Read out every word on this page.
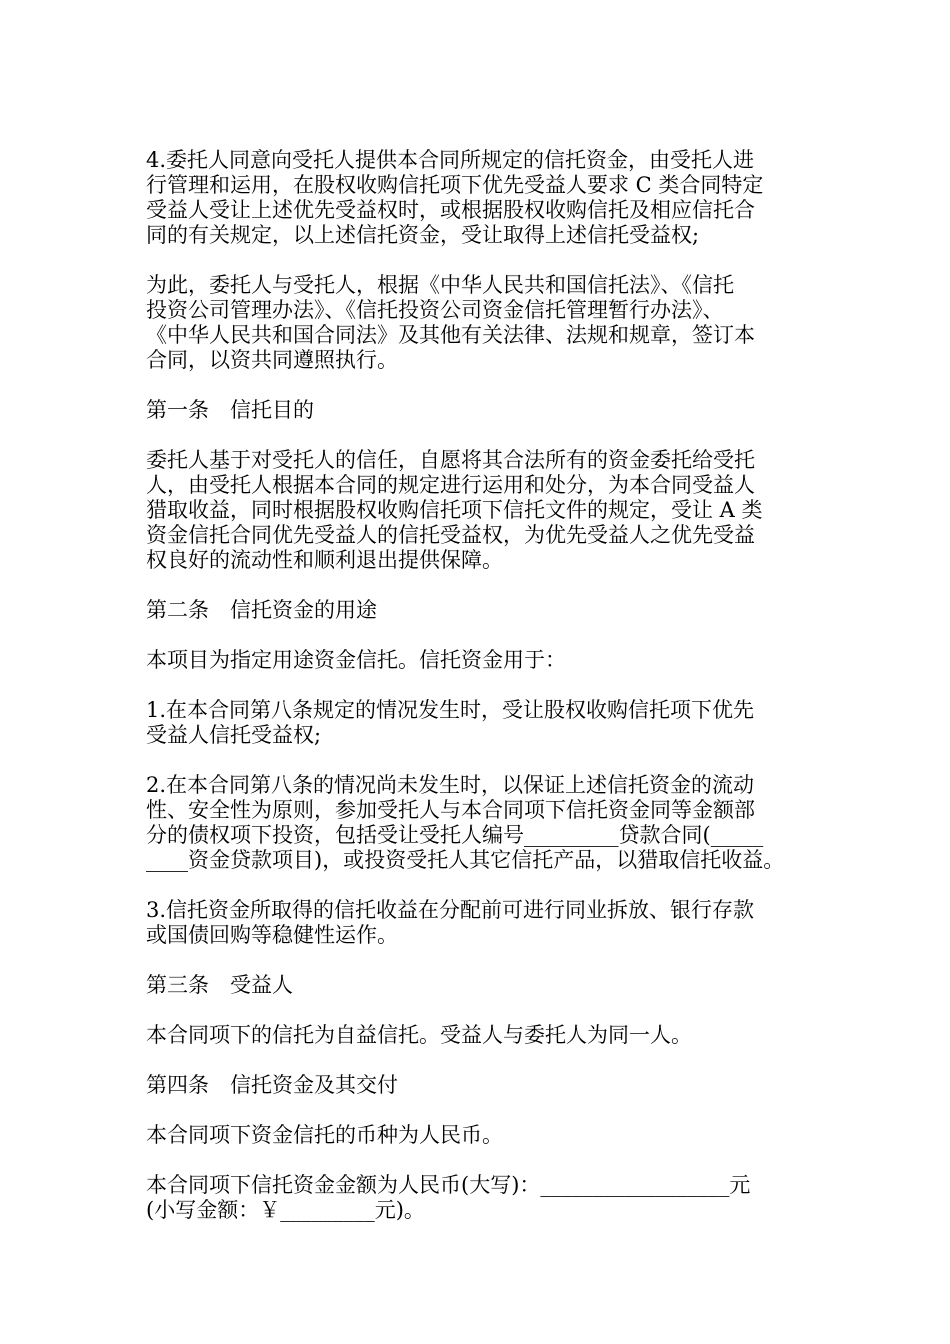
4.委托人同意向受托人提供本合同所规定的信托资金，由受托人进
行管理和运用，在股权收购信托项下优先受益人要求 C 类合同特定
受益人受让上述优先受益权时，或根据股权收购信托及相应信托合
同的有关规定，以上述信托资金，受让取得上述信托受益权;

为此，委托人与受托人，根据《中华人民共和国信托法》、《信托
投资公司管理办法》、《信托投资公司资金信托管理暂行办法》、
《中华人民共和国合同法》及其他有关法律、法规和规章，签订本
合同，以资共同遵照执行。

第一条　信托目的

委托人基于对受托人的信任，自愿将其合法所有的资金委托给受托
人，由受托人根据本合同的规定进行运用和处分，为本合同受益人
猎取收益，同时根据股权收购信托项下信托文件的规定，受让 A 类
资金信托合同优先受益人的信托受益权，为优先受益人之优先受益
权良好的流动性和顺利退出提供保障。

第二条　信托资金的用途

本项目为指定用途资金信托。信托资金用于：

1.在本合同第八条规定的情况发生时，受让股权收购信托项下优先
受益人信托受益权;

2.在本合同第八条的情况尚未发生时，以保证上述信托资金的流动
性、安全性为原则，参加受托人与本合同项下信托资金同等金额部
分的债权项下投资，包括受让受托人编号_________贷款合同(_____
____资金贷款项目)，或投资受托人其它信托产品，以猎取信托收益。

3.信托资金所取得的信托收益在分配前可进行同业拆放、银行存款
或国债回购等稳健性运作。

第三条　受益人

本合同项下的信托为自益信托。受益人与委托人为同一人。

第四条　信托资金及其交付

本合同项下资金信托的币种为人民币。

本合同项下信托资金金额为人民币(大写)：__________________元
(小写金额：￥_________元)。
